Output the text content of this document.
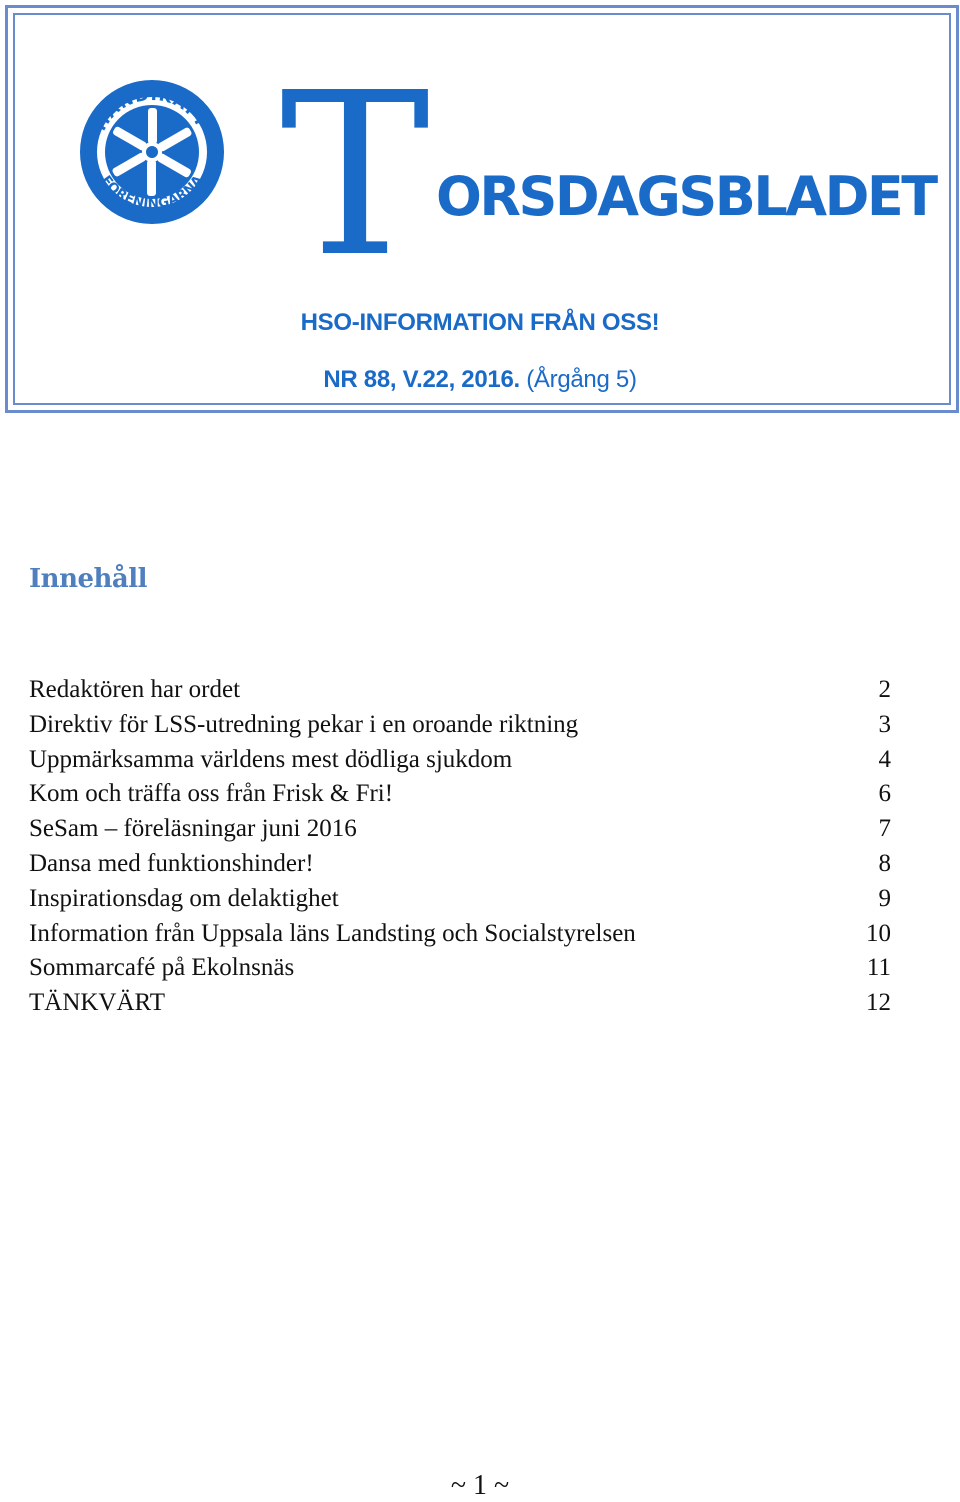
HANDIKAPP
FÖRENINGARNA T ORSDAGSBLADET
HSO-INFORMATION FRÅN OSS!
NR 88, V.22, 2016. (Årgång 5)
Innehåll
Redaktören har ordet	2
Direktiv för LSS-utredning pekar i en oroande riktning	3
Uppmärksamma världens mest dödliga sjukdom	4
Kom och träffa oss från Frisk & Fri!	6
SeSam – föreläsningar juni 2016	7
Dansa med funktionshinder!	8
Inspirationsdag om delaktighet	9
Information från Uppsala läns Landsting och Socialstyrelsen	10
Sommarcafé på Ekolnsnäs	11
TÄNKVÄRT	12
~ 1 ~
